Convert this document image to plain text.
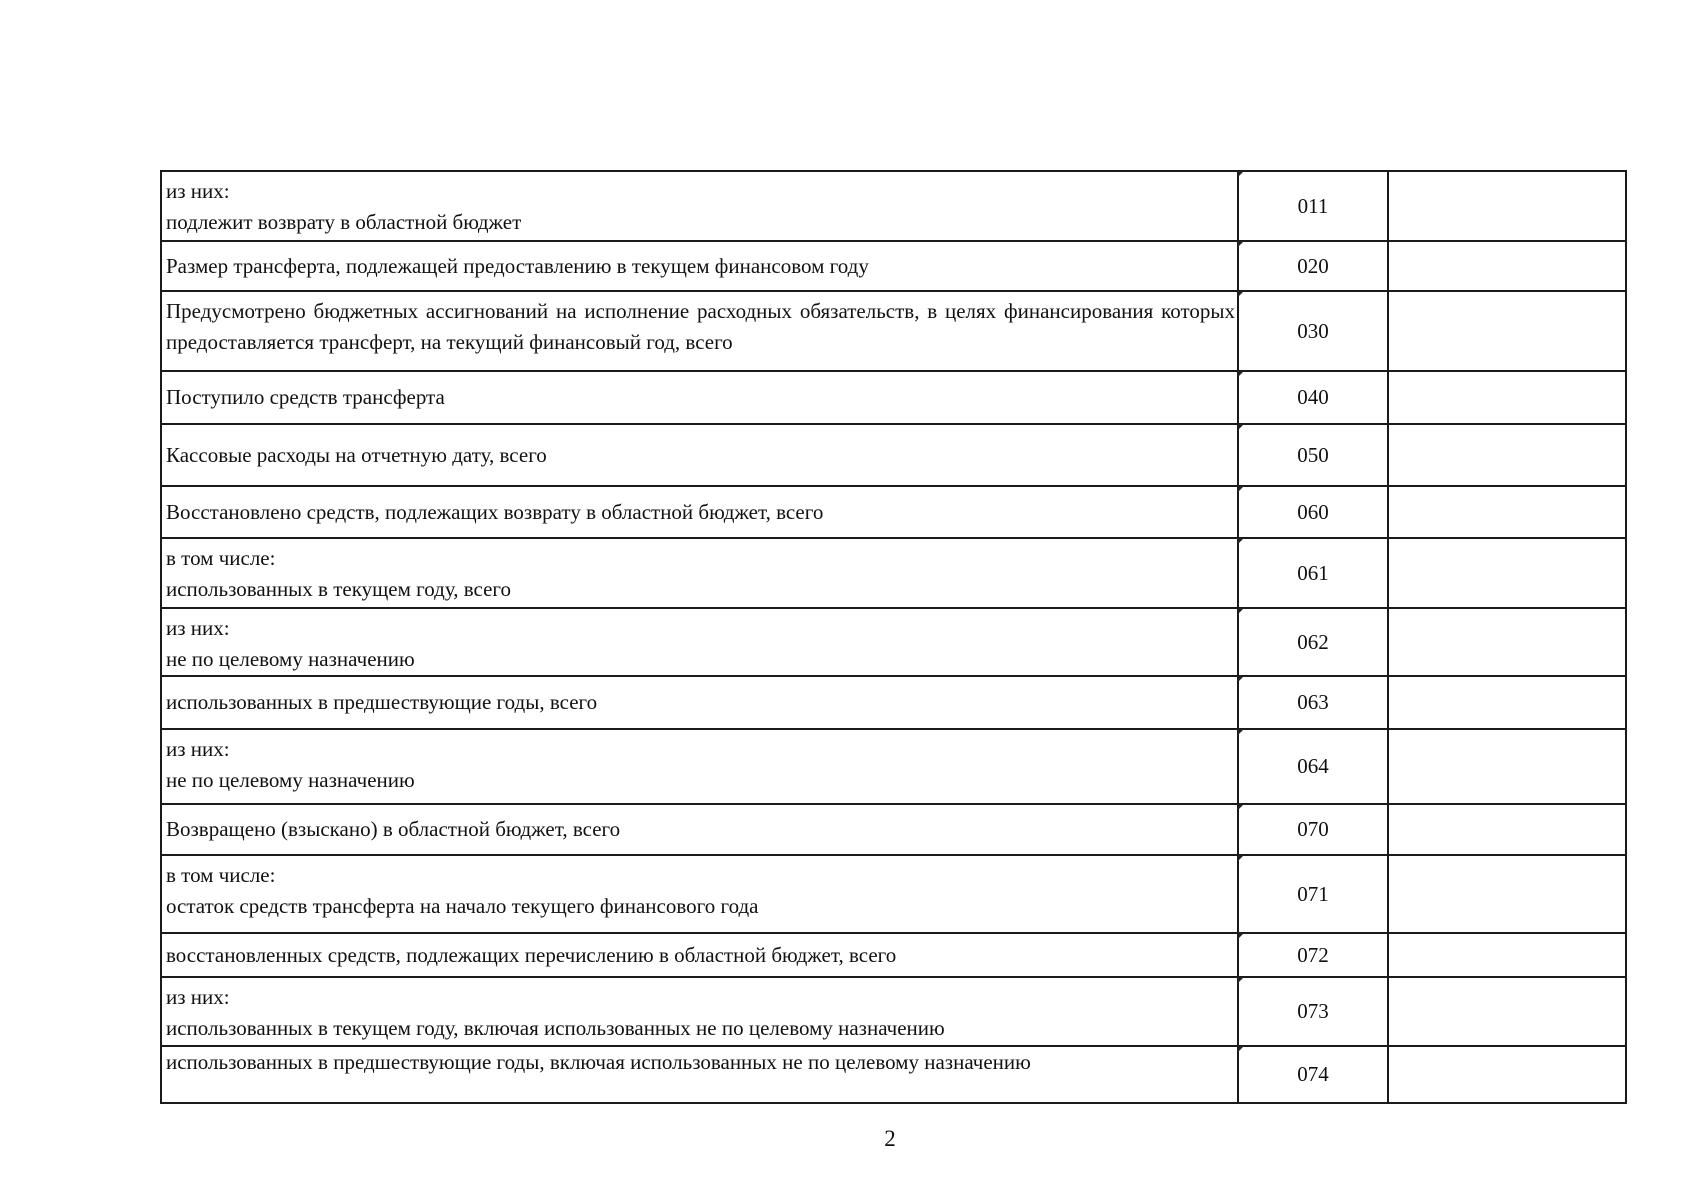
из них:
подлежит возврату в областной бюджет	011	

Размер трансферта, подлежащей предоставлению в текущем финансовом году	020	
Предусмотрено бюджетных ассигнований на исполнение расходных обязательств, в целях финансирования которых предоставляется трансферт, на текущий финансовый год, всего	030	

Поступило средств трансферта	040	

Кассовые расходы на отчетную дату, всего	050	

Восстановлено средств, подлежащих возврату в областной бюджет, всего	060	

в том числе:
использованных в текущем году, всего	061	

из них:
не по целевому назначению	062	

использованных в предшествующие годы, всего	063	

из них:
не по целевому назначению	064	

Возвращено (взыскано) в областной бюджет, всего	070	

в том числе:
остаток средств трансферта на начало текущего финансового года	071	

восстановленных средств, подлежащих перечислению в областной бюджет, всего	072	

из них:
использованных в текущем году, включая использованных не по целевому назначению	073	

использованных в предшествующие годы, включая использованных не по целевому назначению	074	
2
